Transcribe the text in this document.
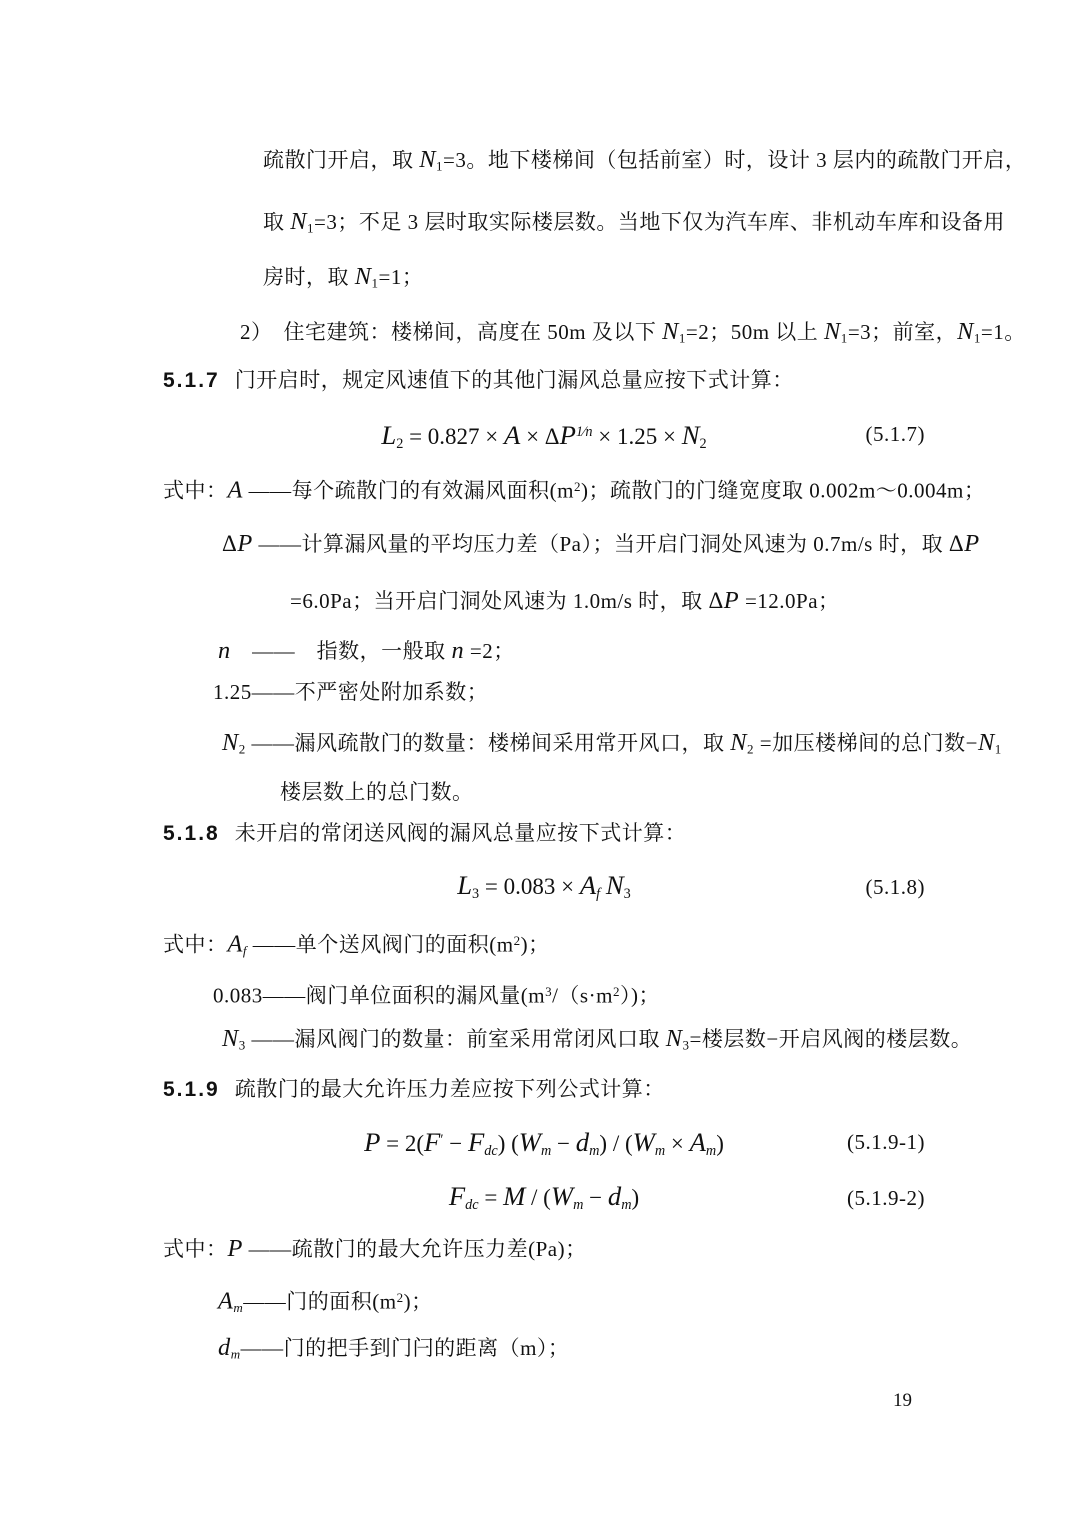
疏散门开启，取 N1=3。地下楼梯间（包括前室）时，设计 3 层内的疏散门开启，
取 N1=3；不足 3 层时取实际楼层数。当地下仅为汽车库、非机动车库和设备用
房时，取 N1=1；
2）　住宅建筑：楼梯间，高度在 50m 及以下 N1=2；50m 以上 N1=3；前室，N1=1。
5.1.7 门开启时，规定风速值下的其他门漏风总量应按下式计算：
$L2 = 0.827 \times A \times \Delta P^{1⁄n} \times 1.25 \times N2$	(5.1.7)
式中：A ——每个疏散门的有效漏风面积$(m^2)$；疏散门的门缝宽度取 0.002m～0.004m；
ΔP ——计算漏风量的平均压力差（Pa）；当开启门洞处风速为 0.7m/s 时，取 ΔP
=6.0Pa；当开启门洞处风速为 1.0m/s 时，取 ΔP =12.0Pa；
n　——　指数，一般取 n =2；
1.25——不严密处附加系数；
N2 ——漏风疏散门的数量：楼梯间采用常开风口，取 N2 =加压楼梯间的总门数−N1
楼层数上的总门数。
5.1.8 未开启的常闭送风阀的漏风总量应按下式计算：
L3 = 0.083 × Af N3	(5.1.8)
式中：Af ——单个送风阀门的面积$(m^2)$；
0.083——阀门单位面积的漏风量$(m^3/(s\cdot m^2))$；
N3 ——漏风阀门的数量：前室采用常闭风口取 N3=楼层数−开启风阀的楼层数。
5.1.9 疏散门的最大允许压力差应按下列公式计算：
P = 2(F′ − Fdc) (Wm − dm) / (Wm × Am)	(5.1.9-1)
Fdc = M / (Wm − dm)	(5.1.9-2)
式中：P ——疏散门的最大允许压力差(Pa)；
Am——门的面积$(m^2)$；
dm——门的把手到门闩的距离（m）；
19
